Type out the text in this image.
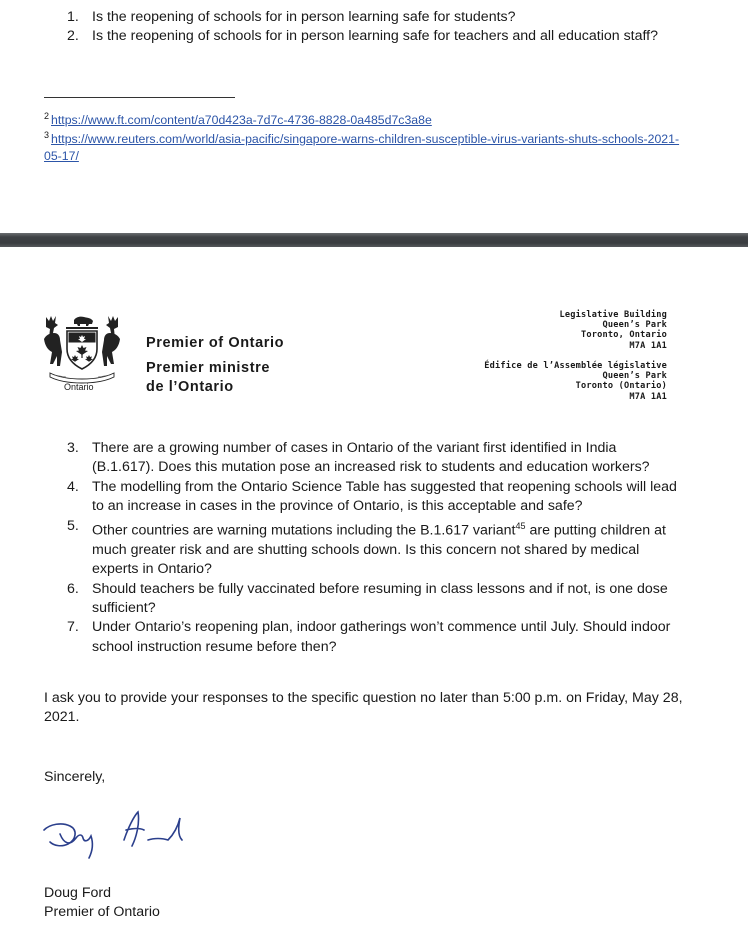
1. Is the reopening of schools for in person learning safe for students?
2. Is the reopening of schools for in person learning safe for teachers and all education staff?
$^2$ https://www.ft.com/content/a70d423a-7d7c-4736-8828-0a485d7c3a8e
$^3$ https://www.reuters.com/world/asia-pacific/singapore-warns-children-susceptible-virus-variants-shuts-schools-2021-05-17/
Ontario
Premier of Ontario
Premier ministre
de l’Ontario
Legislative Building
Queen’s Park
Toronto, Ontario
M7A 1A1
Édifice de l’Assemblée législative
Queen’s Park
Toronto (Ontario)
M7A 1A1
3. There are a growing number of cases in Ontario of the variant first identified in India (B.1.617). Does this mutation pose an increased risk to students and education workers?
4. The modelling from the Ontario Science Table has suggested that reopening schools will lead to an increase in cases in the province of Ontario, is this acceptable and safe?
5. Other countries are warning mutations including the B.1.617 variant$^{45}$ are putting children at much greater risk and are shutting schools down. Is this concern not shared by medical experts in Ontario?
6. Should teachers be fully vaccinated before resuming in class lessons and if not, is one dose sufficient?
7. Under Ontario’s reopening plan, indoor gatherings won’t commence until July. Should indoor school instruction resume before then?

I ask you to provide your responses to the specific question no later than 5:00 p.m. on Friday, May 28, 2021.

Sincerely,

Doug Ford

Premier of Ontario
